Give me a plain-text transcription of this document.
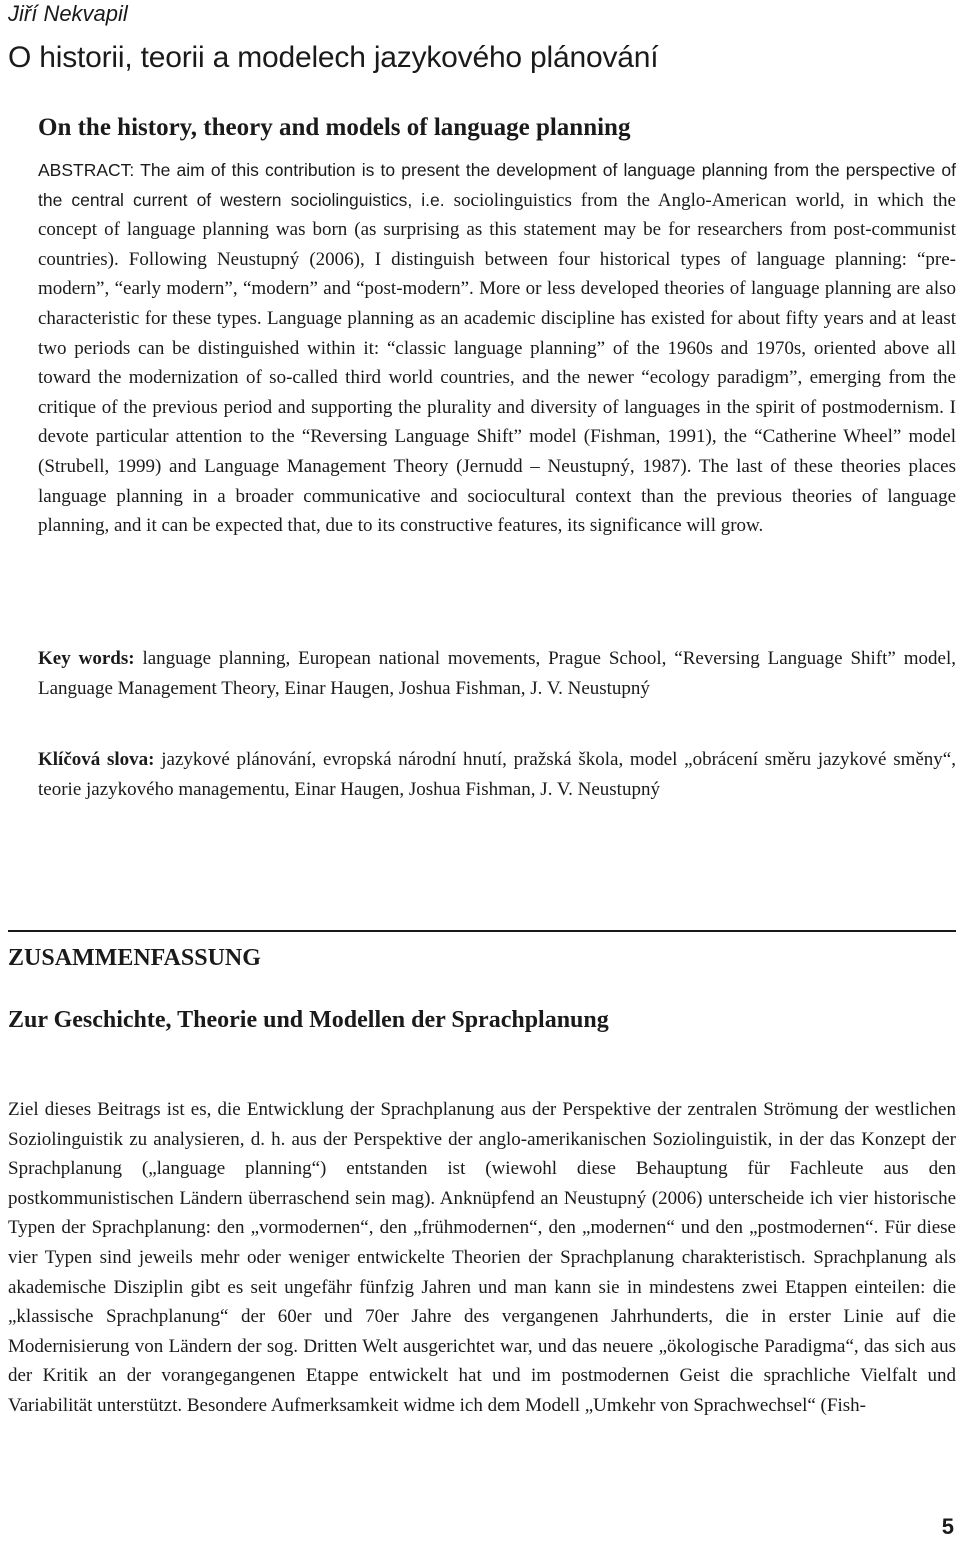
Jiří Nekvapil

O historii, teorii a modelech jazykového plánování
On the history, theory and models of language planning

ABSTRACT: The aim of this contribution is to present the development of language planning from the perspective of the central current of western sociolinguistics, i.e. sociolinguistics from the Anglo-American world, in which the concept of language planning was born (as surprising as this statement may be for researchers from post-communist countries). Following Neustupný (2006), I distinguish between four historical types of language planning: “pre-modern”, “early modern”, “modern” and “post-modern”. More or less developed theories of language planning are also characteristic for these types. Language planning as an academic discipline has existed for about fifty years and at least two periods can be distinguished within it: “classic language planning” of the 1960s and 1970s, oriented above all toward the modernization of so-called third world countries, and the newer “ecology paradigm”, emerging from the critique of the previous period and supporting the plurality and diversity of languages in the spirit of postmodernism. I devote particular attention to the “Reversing Language Shift” model (Fishman, 1991), the “Catherine Wheel” model (Strubell, 1999) and Language Management Theory (Jernudd – Neustupný, 1987). The last of these theories places language planning in a broader communicative and sociocultural context than the previous theories of language planning, and it can be expected that, due to its constructive features, its significance will grow.

Key words: language planning, European national movements, Prague School, “Reversing Language Shift” model, Language Management Theory, Einar Haugen, Joshua Fishman, J. V. Neustupný

Klíčová slova: jazykové plánování, evropská národní hnutí, pražská škola, model „obrácení směru jazykové směny“, teorie jazykového managementu, Einar Haugen, Joshua Fishman, J. V. Neustupný

ZUSAMMENFASSUNG
Zur Geschichte, Theorie und Modellen der Sprachplanung

Ziel dieses Beitrags ist es, die Entwicklung der Sprachplanung aus der Perspektive der zentralen Strömung der westlichen Soziolinguistik zu analysieren, d. h. aus der Perspektive der anglo-amerikanischen Soziolinguistik, in der das Konzept der Sprachplanung („language planning“) entstanden ist (wiewohl diese Behauptung für Fachleute aus den postkommunistischen Ländern überraschend sein mag). Anknüpfend an Neustupný (2006) unterscheide ich vier historische Typen der Sprachplanung: den „vormodernen“, den „frühmodernen“, den „modernen“ und den „postmodernen“. Für diese vier Typen sind jeweils mehr oder weniger entwickelte Theorien der Sprachplanung charakteristisch. Sprachplanung als akademische Disziplin gibt es seit ungefähr fünfzig Jahren und man kann sie in mindestens zwei Etappen einteilen: die „klassische Sprachplanung“ der 60er und 70er Jahre des vergangenen Jahrhunderts, die in erster Linie auf die Modernisierung von Ländern der sog. Dritten Welt ausgerichtet war, und das neuere „ökologische Paradigma“, das sich aus der Kritik an der vorangegangenen Etappe entwickelt hat und im postmodernen Geist die sprachliche Vielfalt und Variabilität unterstützt. Besondere Aufmerksamkeit widme ich dem Modell „Umkehr von Sprachwechsel“ (Fish-

5
